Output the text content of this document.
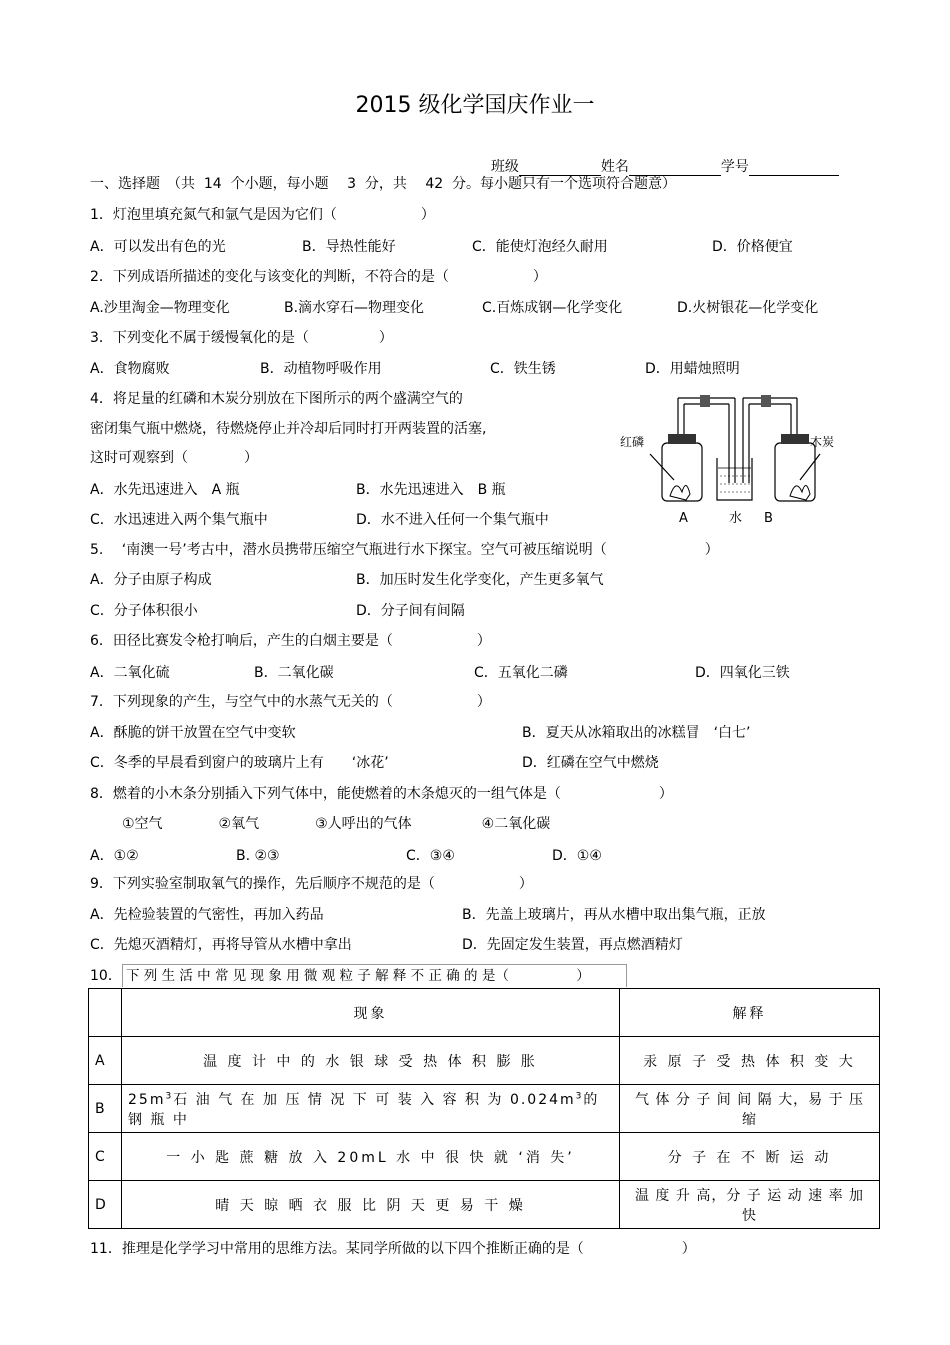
2015 级化学国庆作业一

班级	姓名	学号

一、选择题　（共  14  个小题，每小题　 3  分，共　 42  分。每小题只有一个选项符合题意）
1．灯泡里填充氮气和氩气是因为它们（　　　　　　）
A．可以发出有色的光	B．导热性能好	C．能使灯泡经久耐用	D．价格便宜
2．下列成语所描述的变化与该变化的判断，不符合的是（　　　　　　）
A.沙里淘金—物理变化	B.滴水穿石—物理变化	C.百炼成钢—化学变化	D.火树银花—化学变化
3．下列变化不属于缓慢氧化的是（　　　　　）
A．食物腐败	B．动植物呼吸作用	C．铁生锈	D．用蜡烛照明
4．将足量的红磷和木炭分别放在下图所示的两个盛满空气的
密闭集气瓶中燃烧，待燃烧停止并冷却后同时打开两装置的活塞,
这时可观察到（　　　　）
A．水先迅速进入　A 瓶	B．水先迅速进入　B 瓶
C．水迅速进入两个集气瓶中	D．水不进入任何一个集气瓶中
红磷	木炭
A	水 B
5.　 ‘南澳一号’考古中，潜水员携带压缩空气瓶进行水下探宝。空气可被压缩说明（　　　　　　　）
A．分子由原子构成	B．加压时发生化学变化，产生更多氧气
C．分子体积很小	D．分子间有间隔
6．田径比赛发令枪打响后，产生的白烟主要是（　　　　　　）
A．二氧化硫	B．二氧化碳	C．五氧化二磷	D．四氧化三铁
7．下列现象的产生，与空气中的水蒸气无关的（　　　　　　）
A．酥脆的饼干放置在空气中变软	B．夏天从冰箱取出的冰糕冒　‘白七’
C．冬季的早晨看到窗户的玻璃片上有　　‘冰花’	D．红磷在空气中燃烧
8．燃着的小木条分别插入下列气体中，能使燃着的木条熄灭的一组气体是（　　　　　　　）
①空气　　　　②氧气　　　　③人呼出的气体　　　　　④二氧化碳
A．①②	B. ②③	C．③④	D．①④
9．下列实验室制取氧气的操作，先后顺序不规范的是（　　　　　　）
A．先检验装置的气密性，再加入药品	B．先盖上玻璃片，再从水槽中取出集气瓶，正放
C．先熄灭酒精灯，再将导管从水槽中拿出	D．先固定发生装置，再点燃酒精灯
10． 下 列 生 活 中 常 见 现 象 用 微 观 粒 子 解 释 不 正 确 的 是（　　　　　）
	现象	解释
A	温 度 计 中 的 水 银 球 受 热 体 积 膨 胀	汞 原 子 受 热 体 积 变 大
B	$25m^3$石 油 气 在 加 压 情 况 下 可 装 入 容 积 为 $0.024m^3$的 钢 瓶 中	气 体 分 子 间 间 隔 大，易 于 压 缩
C	一 小 匙 蔗 糖 放 入 20mL 水 中 很 快 就 ‘消 失’	分 子 在 不 断 运 动
D	晴 天 晾 晒 衣 服 比 阴 天 更 易 干 燥	温 度 升 高，分 子 运 动 速 率 加 快
11．推理是化学学习中常用的思维方法。某同学所做的以下四个推断正确的是（　　　　　　　）
